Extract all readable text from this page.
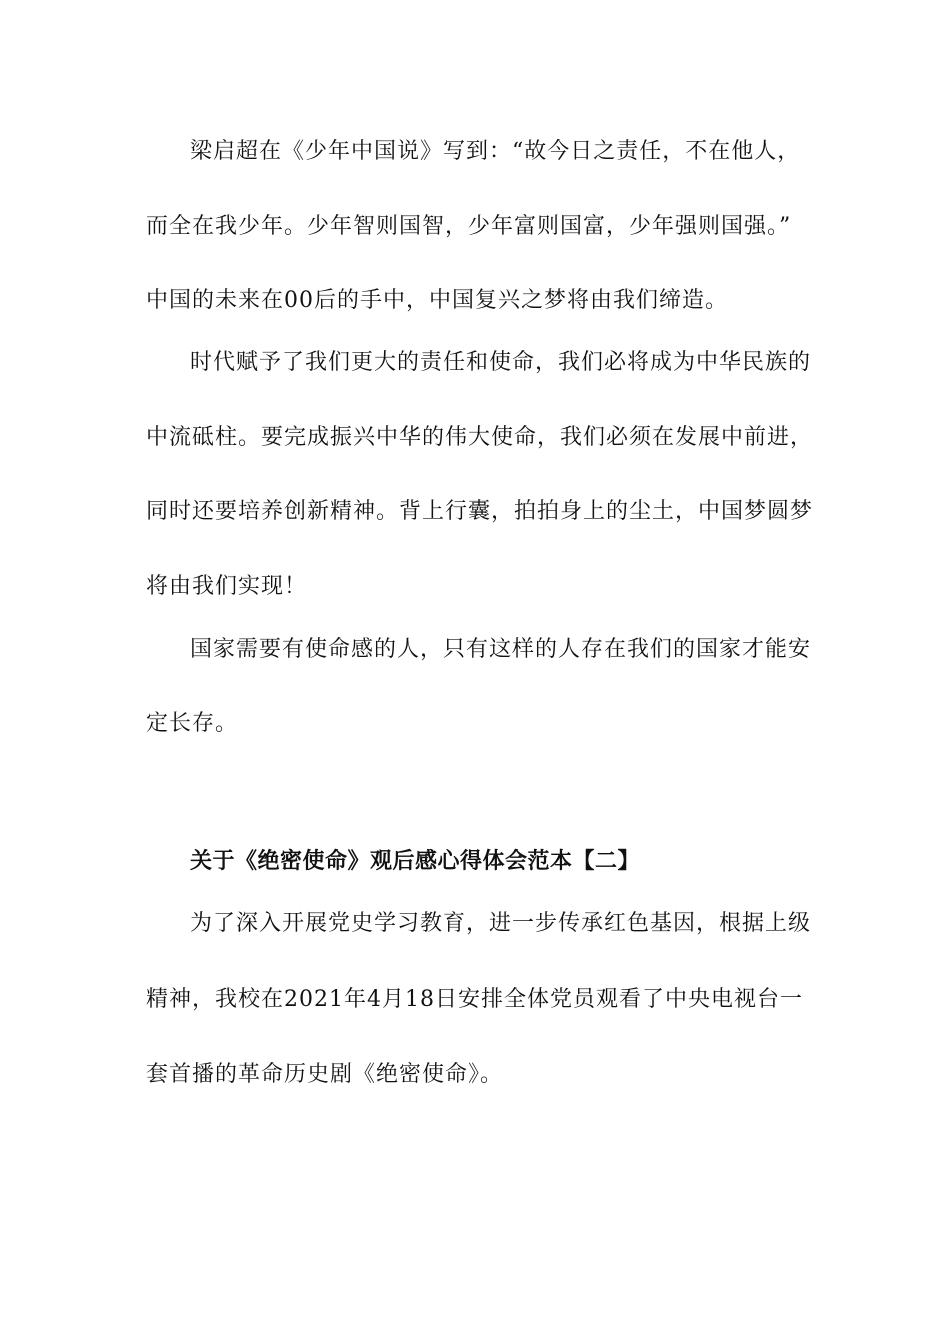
梁启超在《少年中国说》写到：“故今日之责任，不在他人，
而全在我少年。少年智则国智，少年富则国富，少年强则国强。”
中国的未来在00后的手中，中国复兴之梦将由我们缔造。
时代赋予了我们更大的责任和使命，我们必将成为中华民族的
中流砥柱。要完成振兴中华的伟大使命，我们必须在发展中前进，
同时还要培养创新精神。背上行囊，拍拍身上的尘土，中国梦圆梦
将由我们实现！
国家需要有使命感的人，只有这样的人存在我们的国家才能安
定长存。
关于《绝密使命》观后感心得体会范本【二】
为了深入开展党史学习教育，进一步传承红色基因，根据上级
精神，我校在2021年4月18日安排全体党员观看了中央电视台一
套首播的革命历史剧《绝密使命》。
